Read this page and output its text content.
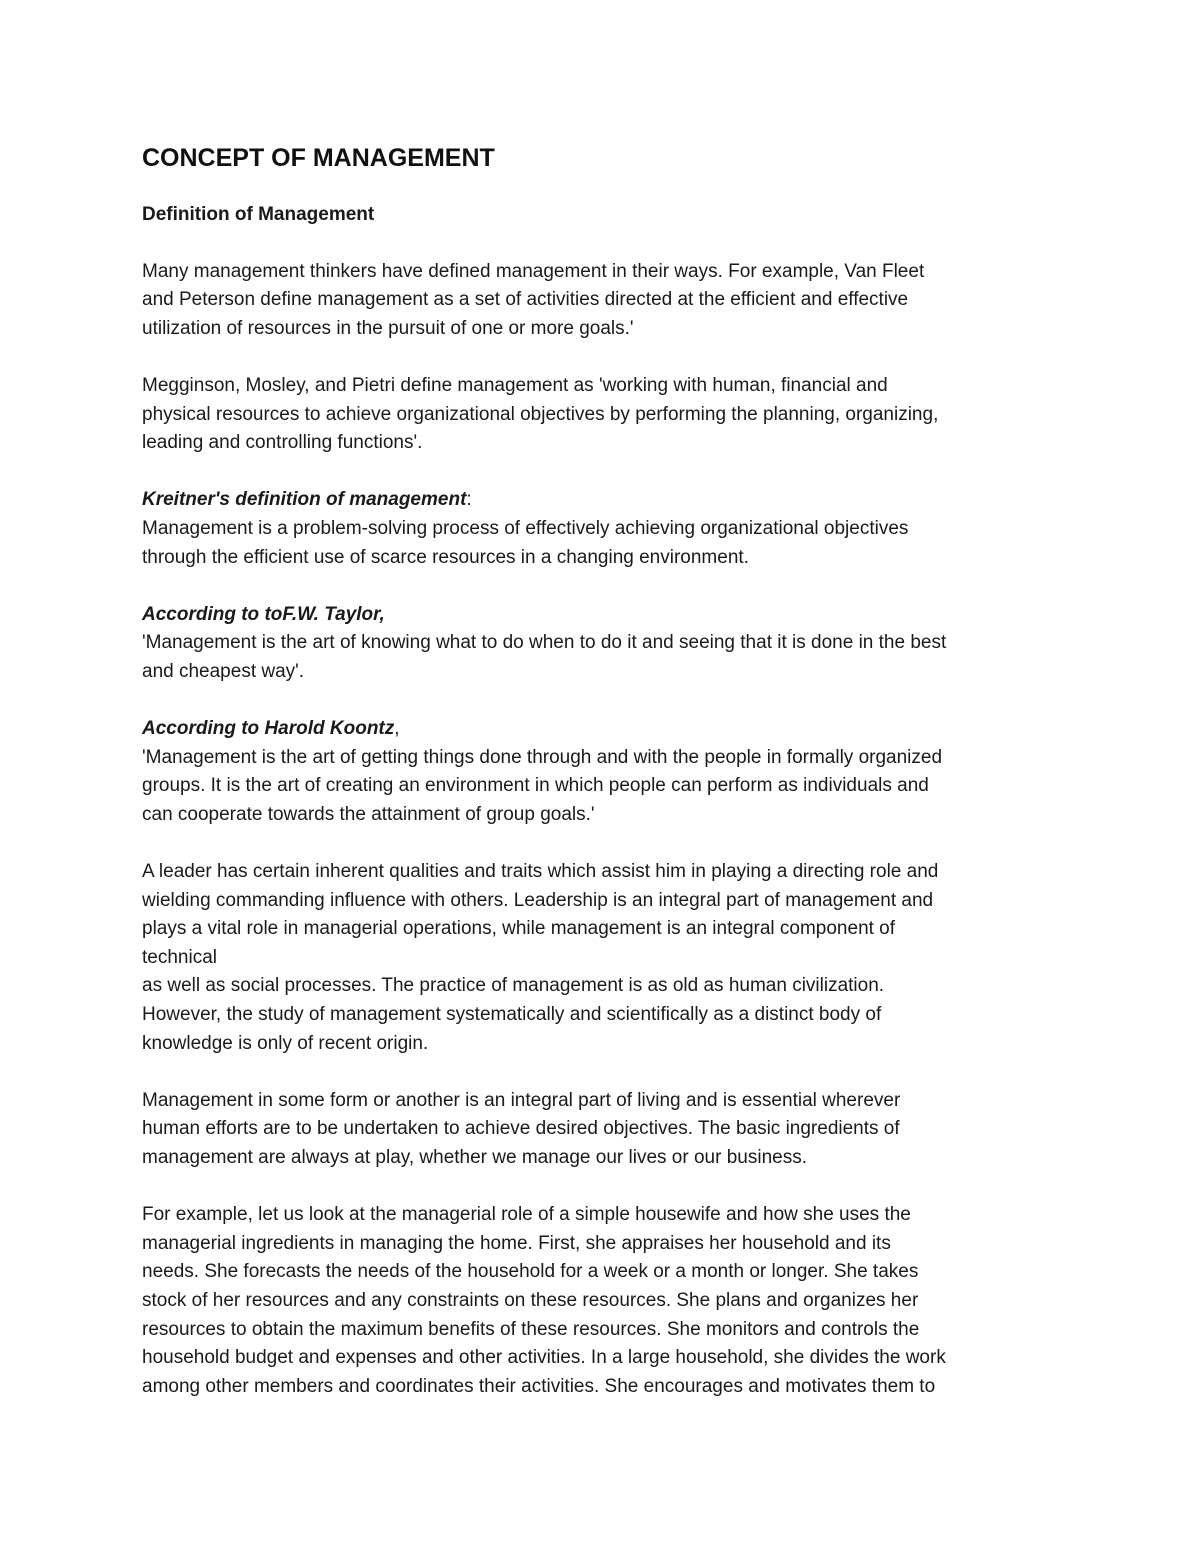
CONCEPT OF MANAGEMENT
Definition of Management
Many management thinkers have defined management in their ways. For example, Van Fleet
and Peterson define management as a set of activities directed at the efficient and effective
utilization of resources in the pursuit of one or more goals.'
Megginson, Mosley, and Pietri define management as 'working with human, financial and
physical resources to achieve organizational objectives by performing the planning, organizing,
leading and controlling functions'.
Kreitner's definition of management:
Management is a problem-solving process of effectively achieving organizational objectives
through the efficient use of scarce resources in a changing environment.
According to toF.W. Taylor,
'Management is the art of knowing what to do when to do it and seeing that it is done in the best
and cheapest way'.
According to Harold Koontz,
'Management is the art of getting things done through and with the people in formally organized
groups. It is the art of creating an environment in which people can perform as individuals and
can cooperate towards the attainment of group goals.'
A leader has certain inherent qualities and traits which assist him in playing a directing role and
wielding commanding influence with others. Leadership is an integral part of management and
plays a vital role in managerial operations, while management is an integral component of
technical
as well as social processes. The practice of management is as old as human civilization.
However, the study of management systematically and scientifically as a distinct body of
knowledge is only of recent origin.
Management in some form or another is an integral part of living and is essential wherever
human efforts are to be undertaken to achieve desired objectives. The basic ingredients of
management are always at play, whether we manage our lives or our business.
For example, let us look at the managerial role of a simple housewife and how she uses the
managerial ingredients in managing the home. First, she appraises her household and its
needs. She forecasts the needs of the household for a week or a month or longer. She takes
stock of her resources and any constraints on these resources. She plans and organizes her
resources to obtain the maximum benefits of these resources. She monitors and controls the
household budget and expenses and other activities. In a large household, she divides the work
among other members and coordinates their activities. She encourages and motivates them to
